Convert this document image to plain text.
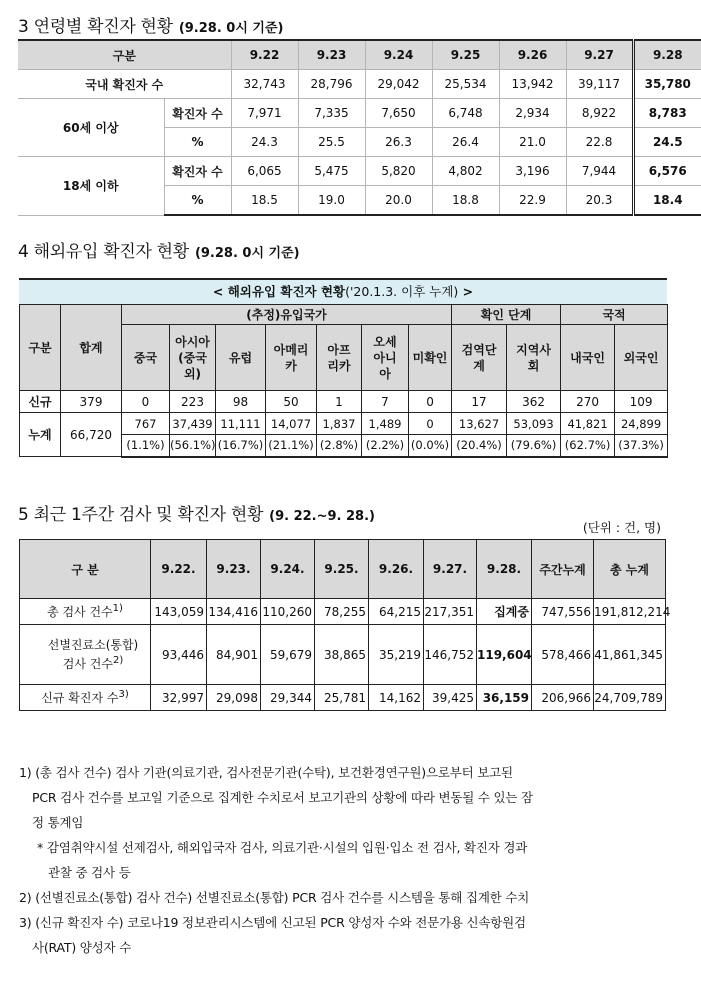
3 연령별 확진자 현황 (9.28. 0시 기준)
구분		9.22	9.23	9.24	9.25	9.26	9.27	9.28
국내 확진자 수		32,743	28,796	29,042	25,534	13,942	39,117	35,780
60세 이상	확진자 수	7,971	7,335	7,650	6,748	2,934	8,922	8,783
	%	24.3	25.5	26.3	26.4	21.0	22.8	24.5
18세 이하	확진자 수	6,065	5,475	5,820	4,802	3,196	7,944	6,576
	%	18.5	19.0	20.0	18.8	22.9	20.3	18.4
4 해외유입 확진자 현황 (9.28. 0시 기준)
< 해외유입 확진자 현황('20.1.3. 이후 누계) >
구분	합계	(추정)유입국가							확인 단계		국적	
		중국	아시아(중국외)	유럽	아메리카	아프리카	오세아니아	미확인	검역단계	지역사회	내국인	외국인
신규	379	0	223	98	50	1	7	0	17	362	270	109
누계	66,720	767	37,439	11,111	14,077	1,837	1,489	0	13,627	53,093	41,821	24,899
		(1.1%)	(56.1%)	(16.7%)	(21.1%)	(2.8%)	(2.2%)	(0.0%)	(20.4%)	(79.6%)	(62.7%)	(37.3%)
5 최근 1주간 검사 및 확진자 현황 (9. 22.~9. 28.)
(단위 : 건, 명)
구 분	9.22.	9.23.	9.24.	9.25.	9.26.	9.27.	9.28.	주간누계	총 누계
총 검사 건수$^{1)}$	143,059	134,416	110,260	78,255	64,215	217,351	집계중	747,556	191,812,214

선별진료소(통합)
검사 건수$^{2)}$	93,446	84,901	59,679	38,865	35,219	146,752	119,604	578,466	41,861,345
신규 확진자 수$^{3)}$	32,997	29,098	29,344	25,781	14,162	39,425	36,159	206,966	24,709,789

1) (총 검사 건수) 검사 기관(의료기관, 검사전문기관(수탁), 보건환경연구원)으로부터 보고된

PCR 검사 건수를 보고일 기준으로 집계한 수치로서 보고기관의 상황에 따라 변동될 수 있는 잠

정 통계임

* 감염취약시설 선제검사, 해외입국자 검사, 의료기관·시설의 입원·입소 전 검사, 확진자 경과

관찰 중 검사 등

2) (선별진료소(통합) 검사 건수) 선별진료소(통합) PCR 검사 건수를 시스템을 통해 집계한 수치

3) (신규 확진자 수) 코로나19 정보관리시스템에 신고된 PCR 양성자 수와 전문가용 신속항원검

사(RAT) 양성자 수
